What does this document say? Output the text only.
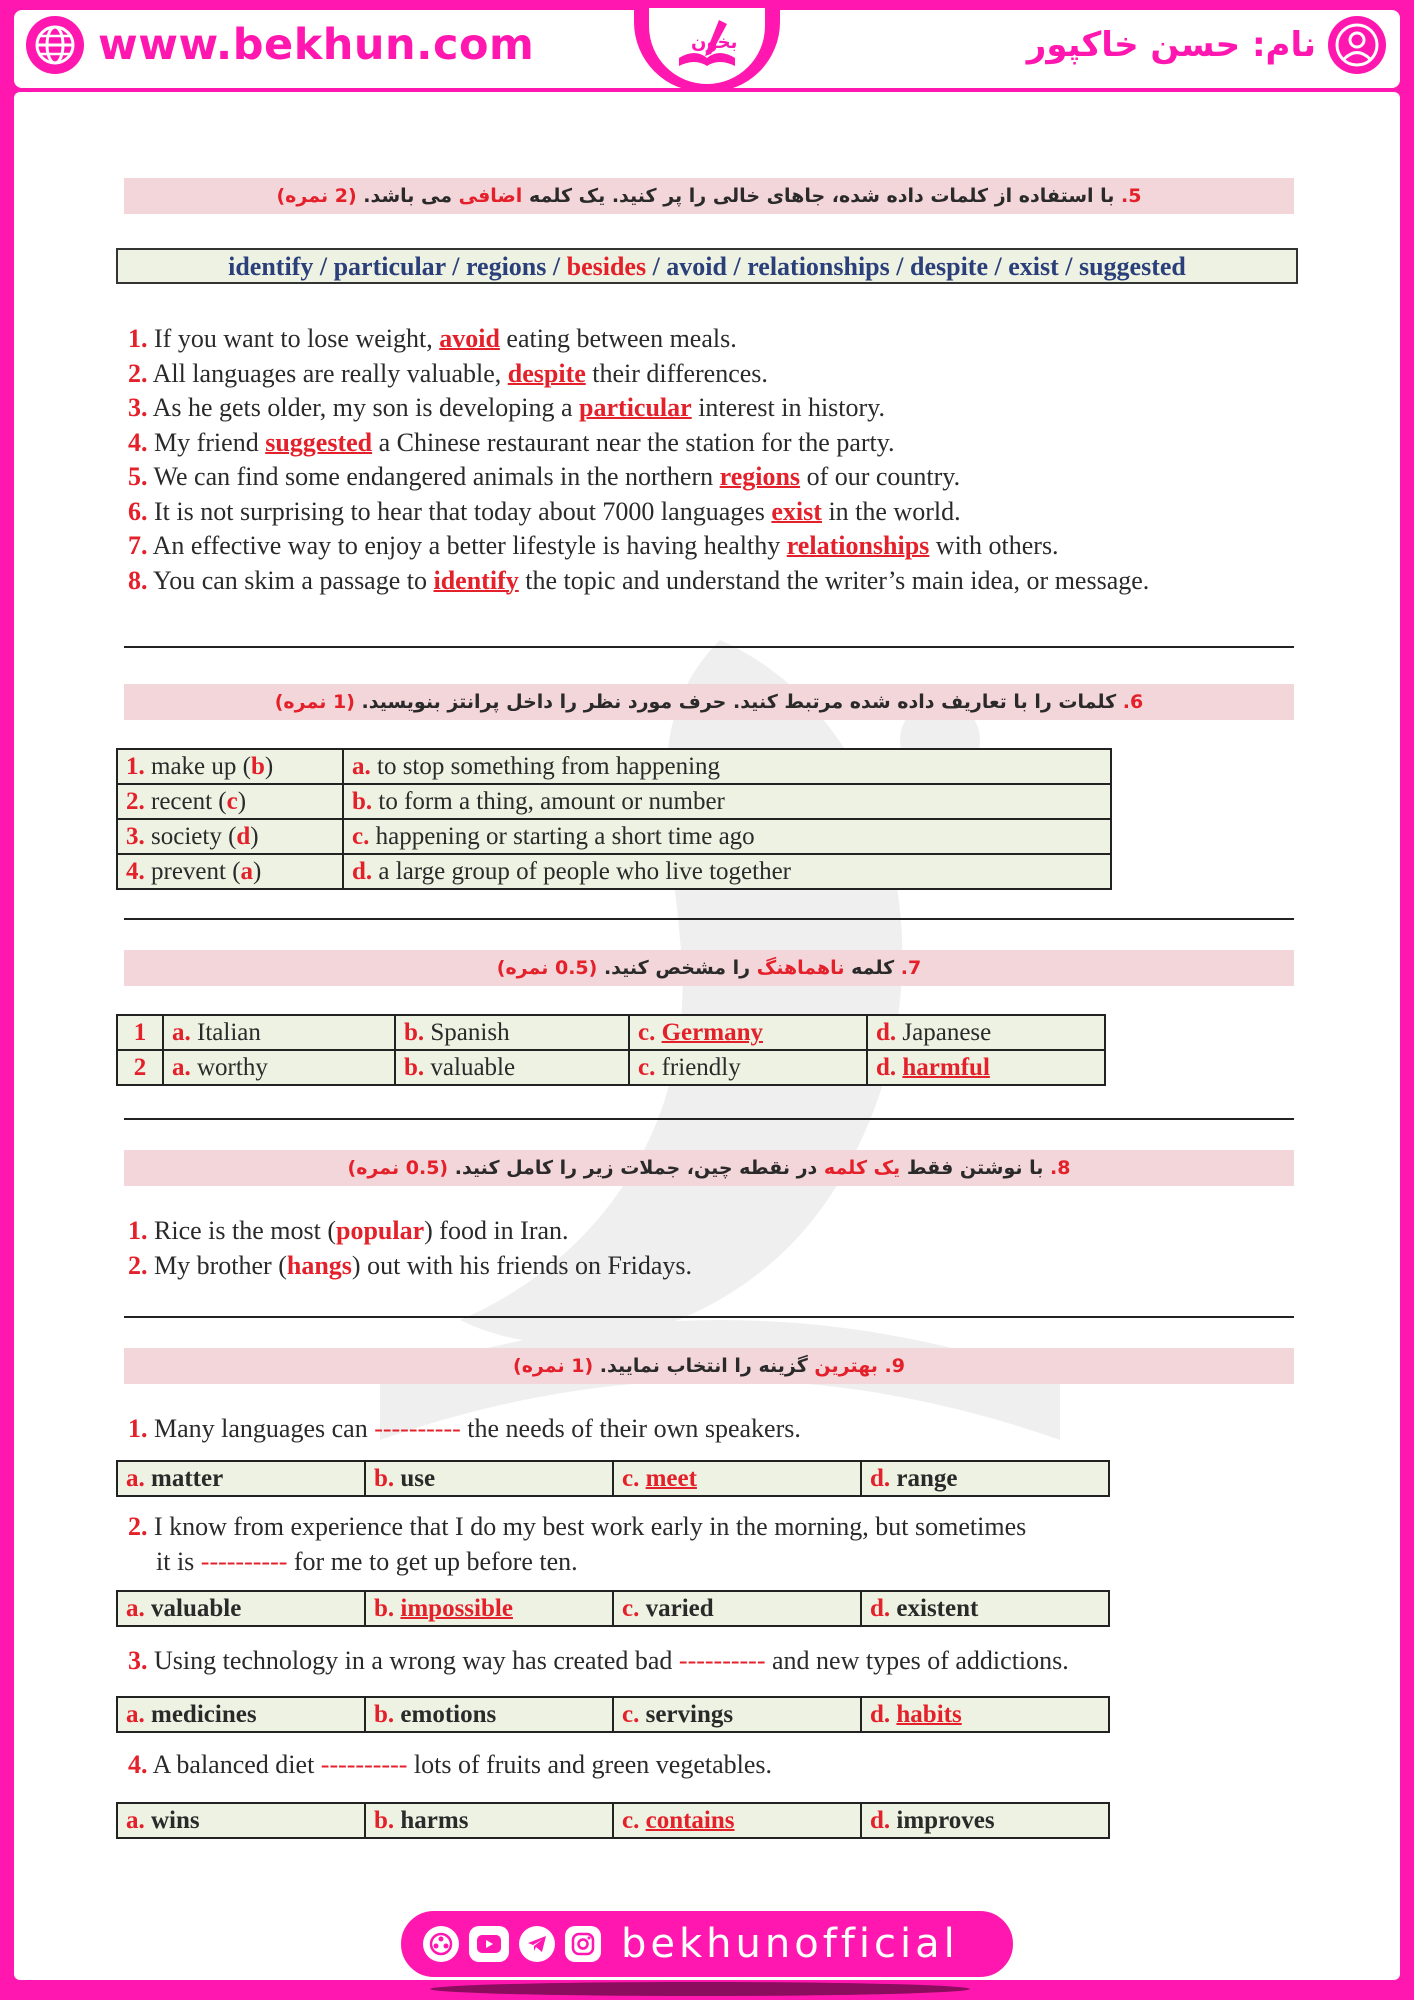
www.bekhun.com	بخون	نام: حسن خاکپور
5. با استفاده از کلمات داده شده، جاهای خالی را پر کنید. یک کلمه اضافی می باشد. (2 نمره)
identify / particular / regions / besides / avoid / relationships / despite / exist / suggested
1. If you want to lose weight, avoid eating between meals.
2. All languages are really valuable, despite their differences.
3. As he gets older, my son is developing a particular interest in history.
4. My friend suggested a Chinese restaurant near the station for the party.
5. We can find some endangered animals in the northern regions of our country.
6. It is not surprising to hear that today about 7000 languages exist in the world.
7. An effective way to enjoy a better lifestyle is having healthy relationships with others.
8. You can skim a passage to identify the topic and understand the writer’s main idea, or message.
6. کلمات را با تعاریف داده شده مرتبط کنید. حرف مورد نظر را داخل پرانتز بنویسید. (1 نمره)
1. make up (b)	a. to stop something from happening
2. recent (c)	b. to form a thing, amount or number
3. society (d)	c. happening or starting a short time ago
4. prevent (a)	d. a large group of people who live together
7. کلمه ناهماهنگ را مشخص کنید. (0.5 نمره)
1	a. Italian	b. Spanish	c. Germany	d. Japanese
2	a. worthy	b. valuable	c. friendly	d. harmful
8. با نوشتن فقط یک کلمه در نقطه چین، جملات زیر را کامل کنید. (0.5 نمره)
1. Rice is the most (popular) food in Iran.
2. My brother (hangs) out with his friends on Fridays.
9. بهترین گزینه را انتخاب نمایید. (1 نمره)
1. Many languages can ---------- the needs of their own speakers.
a. matter	b. use	c. meet	d. range
2. I know from experience that I do my best work early in the morning, but sometimes
it is ---------- for me to get up before ten.
a. valuable	b. impossible	c. varied	d. existent
3. Using technology in a wrong way has created bad ---------- and new types of addictions.
a. medicines	b. emotions	c. servings	d. habits
4. A balanced diet ---------- lots of fruits and green vegetables.
a. wins	b. harms	c. contains	d. improves
bekhunofficial
